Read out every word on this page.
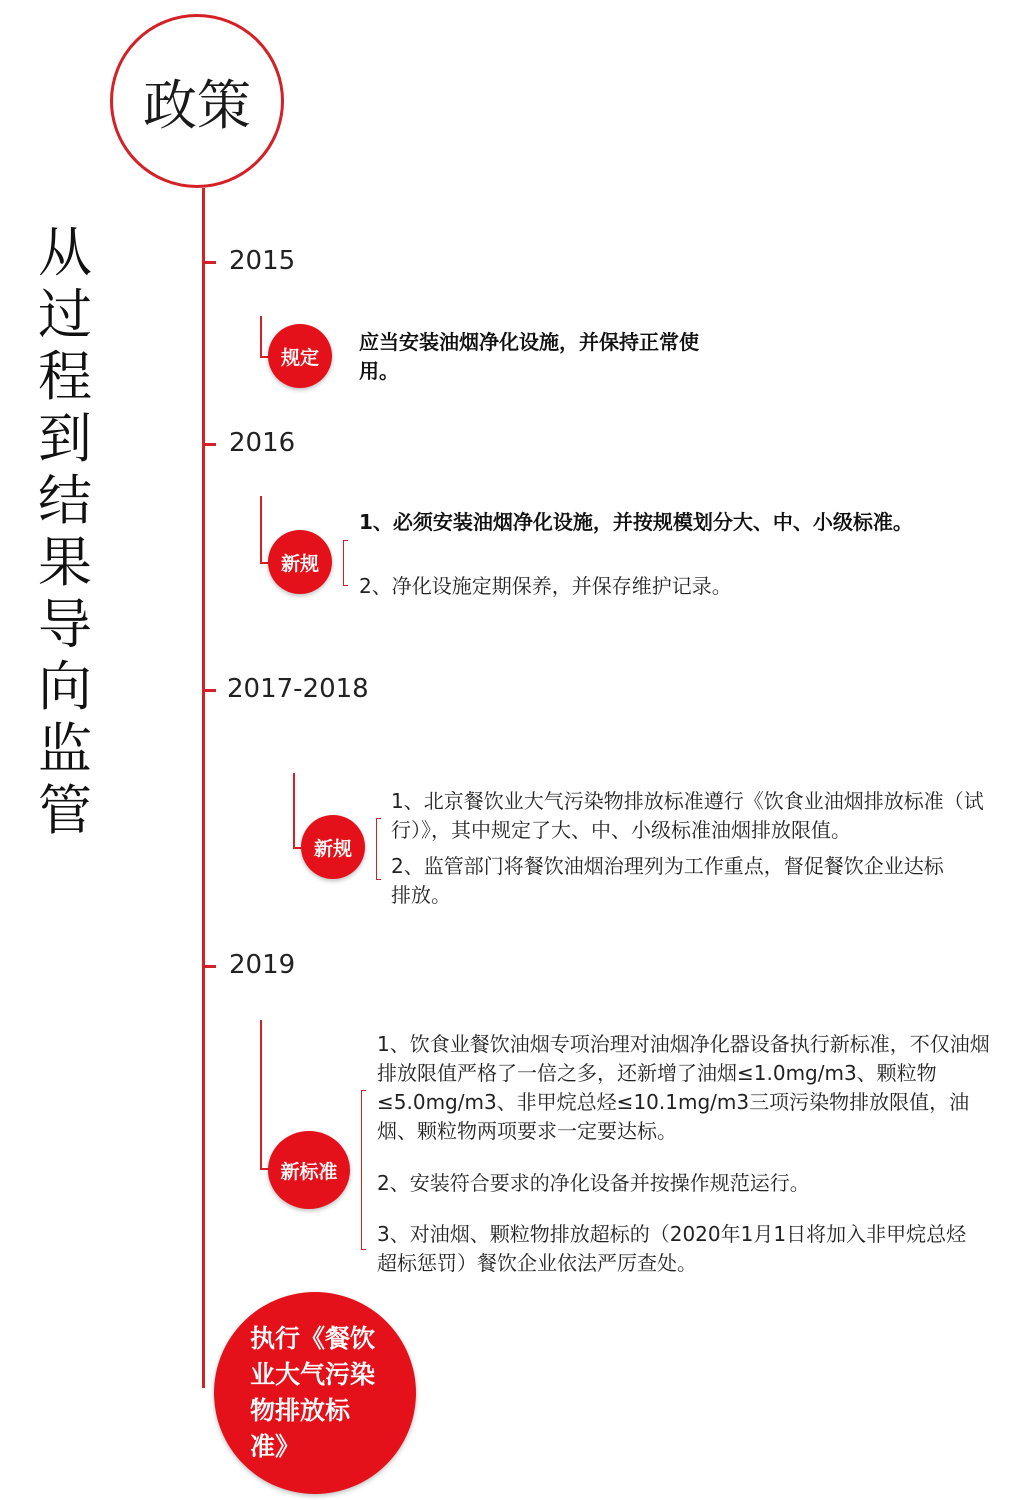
政策
从过程到结果导向监管
2015
规定
应当安装油烟净化设施，并保持正常使用。
2016
新规
1、必须安装油烟净化设施，并按规模划分大、中、小级标准。
2、净化设施定期保养，并保存维护记录。
2017-2018
新规
1、北京餐饮业大气污染物排放标准遵行《饮食业油烟排放标准（试行）》，其中规定了大、中、小级标准油烟排放限值。
2、监管部门将餐饮油烟治理列为工作重点，督促餐饮企业达标排放。
2019
新标准
1、饮食业餐饮油烟专项治理对油烟净化器设备执行新标准，不仅油烟排放限值严格了一倍之多，还新增了油烟≤1.0mg/m3、颗粒物≤5.0mg/m3、非甲烷总烃≤10.1mg/m3三项污染物排放限值，油烟、颗粒物两项要求一定要达标。
2、安装符合要求的净化设备并按操作规范运行。
3、对油烟、颗粒物排放超标的（2020年1月1日将加入非甲烷总烃超标惩罚）餐饮企业依法严厉查处。
执行《餐饮业大气污染物排放标准》
